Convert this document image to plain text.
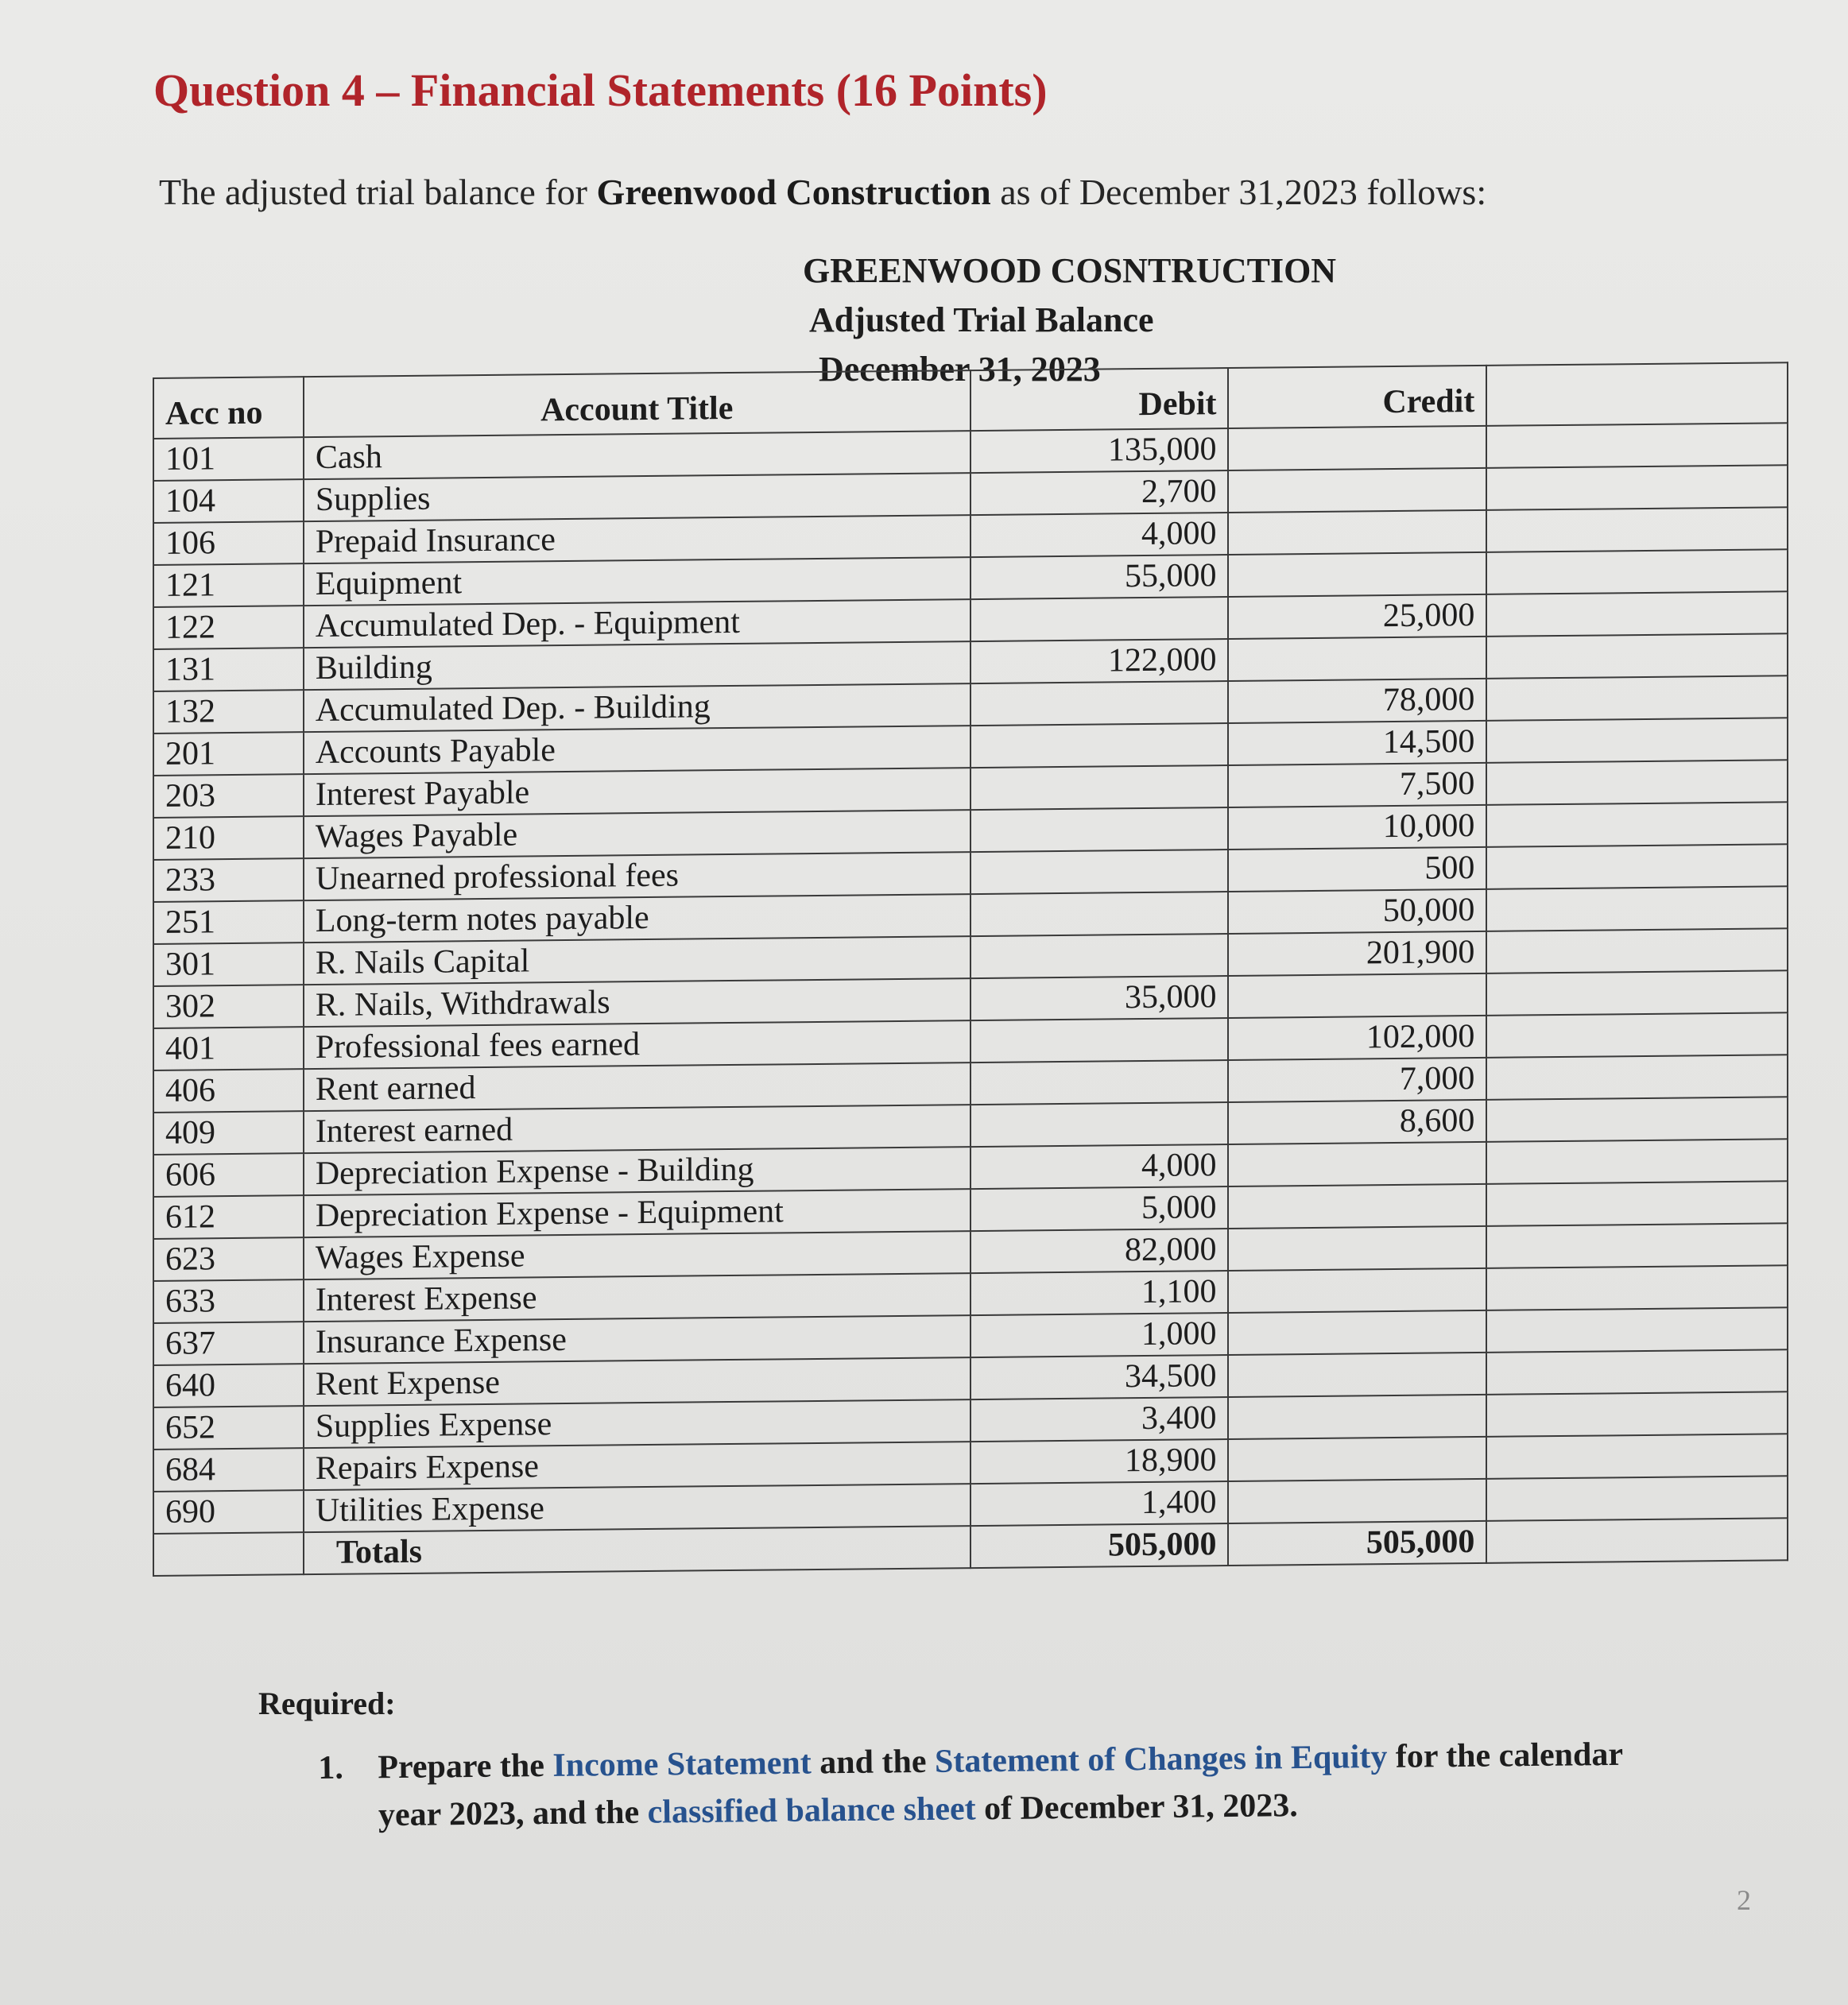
Question 4 – Financial Statements (16 Points)
The adjusted trial balance for Greenwood Construction as of December 31,2023 follows:
GREENWOOD COSNTRUCTION
Adjusted Trial Balance
December 31, 2023
Acc no	Account Title	Debit	Credit	
101	Cash	135,000		
104	Supplies	2,700		
106	Prepaid Insurance	4,000		
121	Equipment	55,000		
122	Accumulated Dep. - Equipment		25,000	
131	Building	122,000		
132	Accumulated Dep. - Building		78,000	
201	Accounts Payable		14,500	
203	Interest Payable		7,500	
210	Wages Payable		10,000	
233	Unearned professional fees		500	
251	Long-term notes payable		50,000	
301	R. Nails Capital		201,900	
302	R. Nails, Withdrawals	35,000		
401	Professional fees earned		102,000	
406	Rent earned		7,000	
409	Interest earned		8,600	
606	Depreciation Expense - Building	4,000		
612	Depreciation Expense - Equipment	5,000		
623	Wages Expense	82,000		
633	Interest Expense	1,100		
637	Insurance Expense	1,000		
640	Rent Expense	34,500		
652	Supplies Expense	3,400		
684	Repairs Expense	18,900		
690	Utilities Expense	1,400		
	Totals	505,000	505,000	
Required:
1.	Prepare the Income Statement and the Statement of Changes in Equity for the calendar year 2023, and the classified balance sheet of December 31, 2023.
2
